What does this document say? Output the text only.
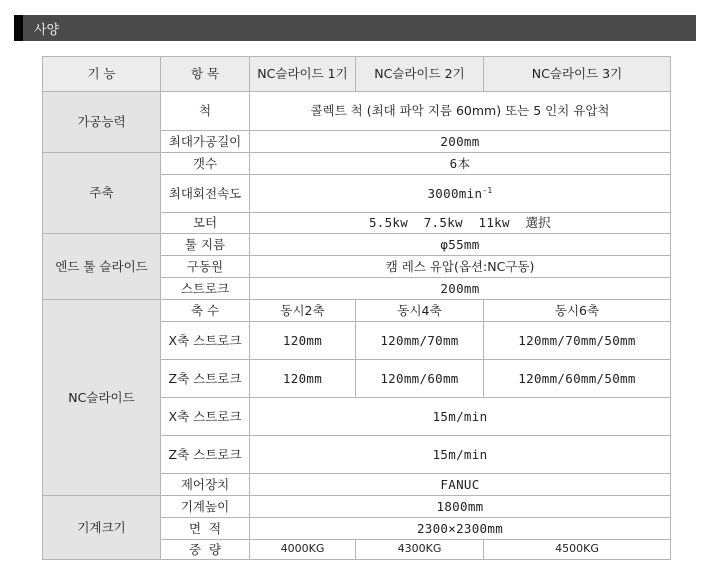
사양
기 능	항 목	NC슬라이드 1기	NC슬라이드 2기	NC슬라이드 3기
가공능력	척	콜렉트 척 (최대 파악 지름 60mm) 또는 5 인치 유압척		
	최대가공길이	200mm		
주축	갯수	6本		
	최대회전속도	$3000\min^{-1}$
	모터	5.5kw  7.5kw  11kw  選択		
엔드 툴 슬라이드	툴 지름	φ55mm		
	구동원	캠 레스 유압(옵션:NC구동)		
	스트로크	200mm		
NC슬라이드	축 수	동시2축	동시4축	동시6축
	X축 스트로크	120mm	120mm/70mm	120mm/70mm/50mm
	Z축 스트로크	120mm	120mm/60mm	120mm/60mm/50mm
	X축 스트로크	15m/min		
	Z축 스트로크	15m/min		
	제어장치	FANUC		
기계크기	기계높이	1800mm		
	면  적	2300×2300mm		
	중  량	4000KG	4300KG	4500KG
